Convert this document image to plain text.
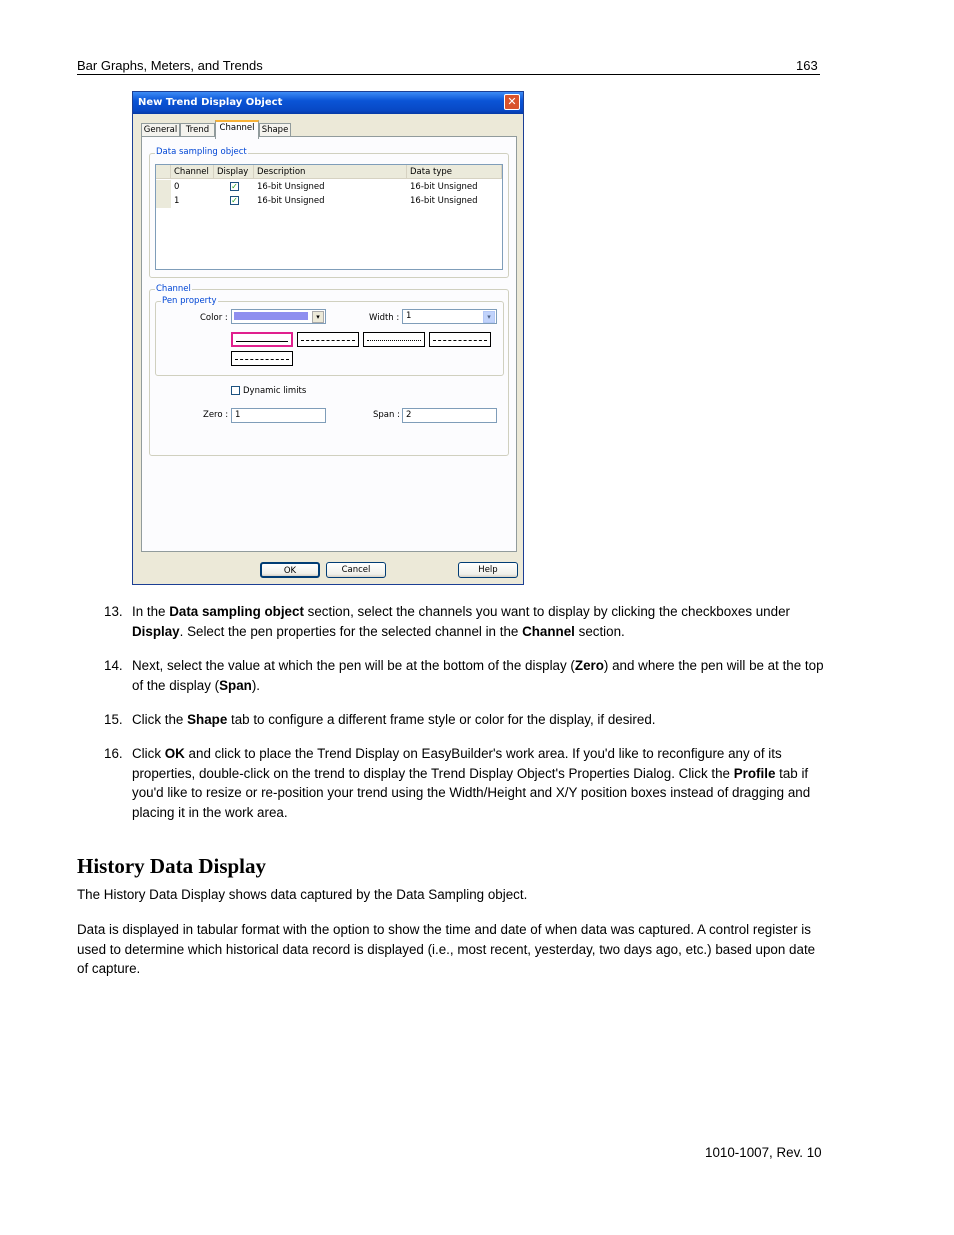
Bar Graphs, Meters, and Trends	163
New Trend Display Object	✕
General	Trend	Channel Shape
Data sampling object
Channel Display	Description	Data type
0	✓ 16-bit Unsigned	16-bit Unsigned
1	✓ 16-bit Unsigned	16-bit Unsigned
Channel
Pen property
Color :	▾	Width : 1	▾
Dynamic limits
Zero : 1	Span : 2
OK	Cancel	Help
13. In the Data sampling object section, select the channels you want to display by clicking the checkboxes under Display. Select the pen properties for the selected channel in the Channel section.
14. Next, select the value at which the pen will be at the bottom of the display (Zero) and where the pen will be at the top of the display (Span).
15. Click the Shape tab to configure a different frame style or color for the display, if desired.
16. Click OK and click to place the Trend Display on EasyBuilder's work area. If you'd like to reconfigure any of its properties, double-click on the trend to display the Trend Display Object's Properties Dialog. Click the Profile tab if you'd like to resize or re-position your trend using the Width/Height and X/Y position boxes instead of dragging and placing it in the work area.
History Data Display
The History Data Display shows data captured by the Data Sampling object.
Data is displayed in tabular format with the option to show the time and date of when data was captured. A control register is used to determine which historical data record is displayed (i.e., most recent, yesterday, two days ago, etc.) based upon date of capture.
1010-1007, Rev. 10
